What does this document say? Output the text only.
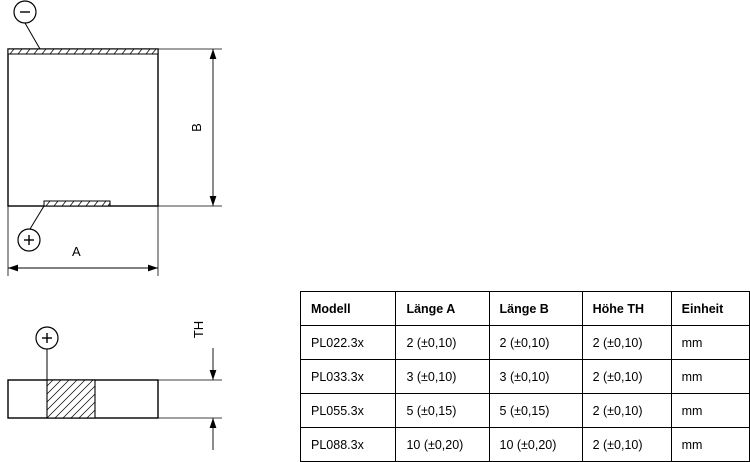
B
A
TH
Modell	Länge A	Länge B	Höhe TH	Einheit
PL022.3x	2 (±0,10)	2 (±0,10)	2 (±0,10)	mm
PL033.3x	3 (±0,10)	3 (±0,10)	2 (±0,10)	mm
PL055.3x	5 (±0,15)	5 (±0,15)	2 (±0,10)	mm
PL088.3x	10 (±0,20)	10 (±0,20)	2 (±0,10)	mm
